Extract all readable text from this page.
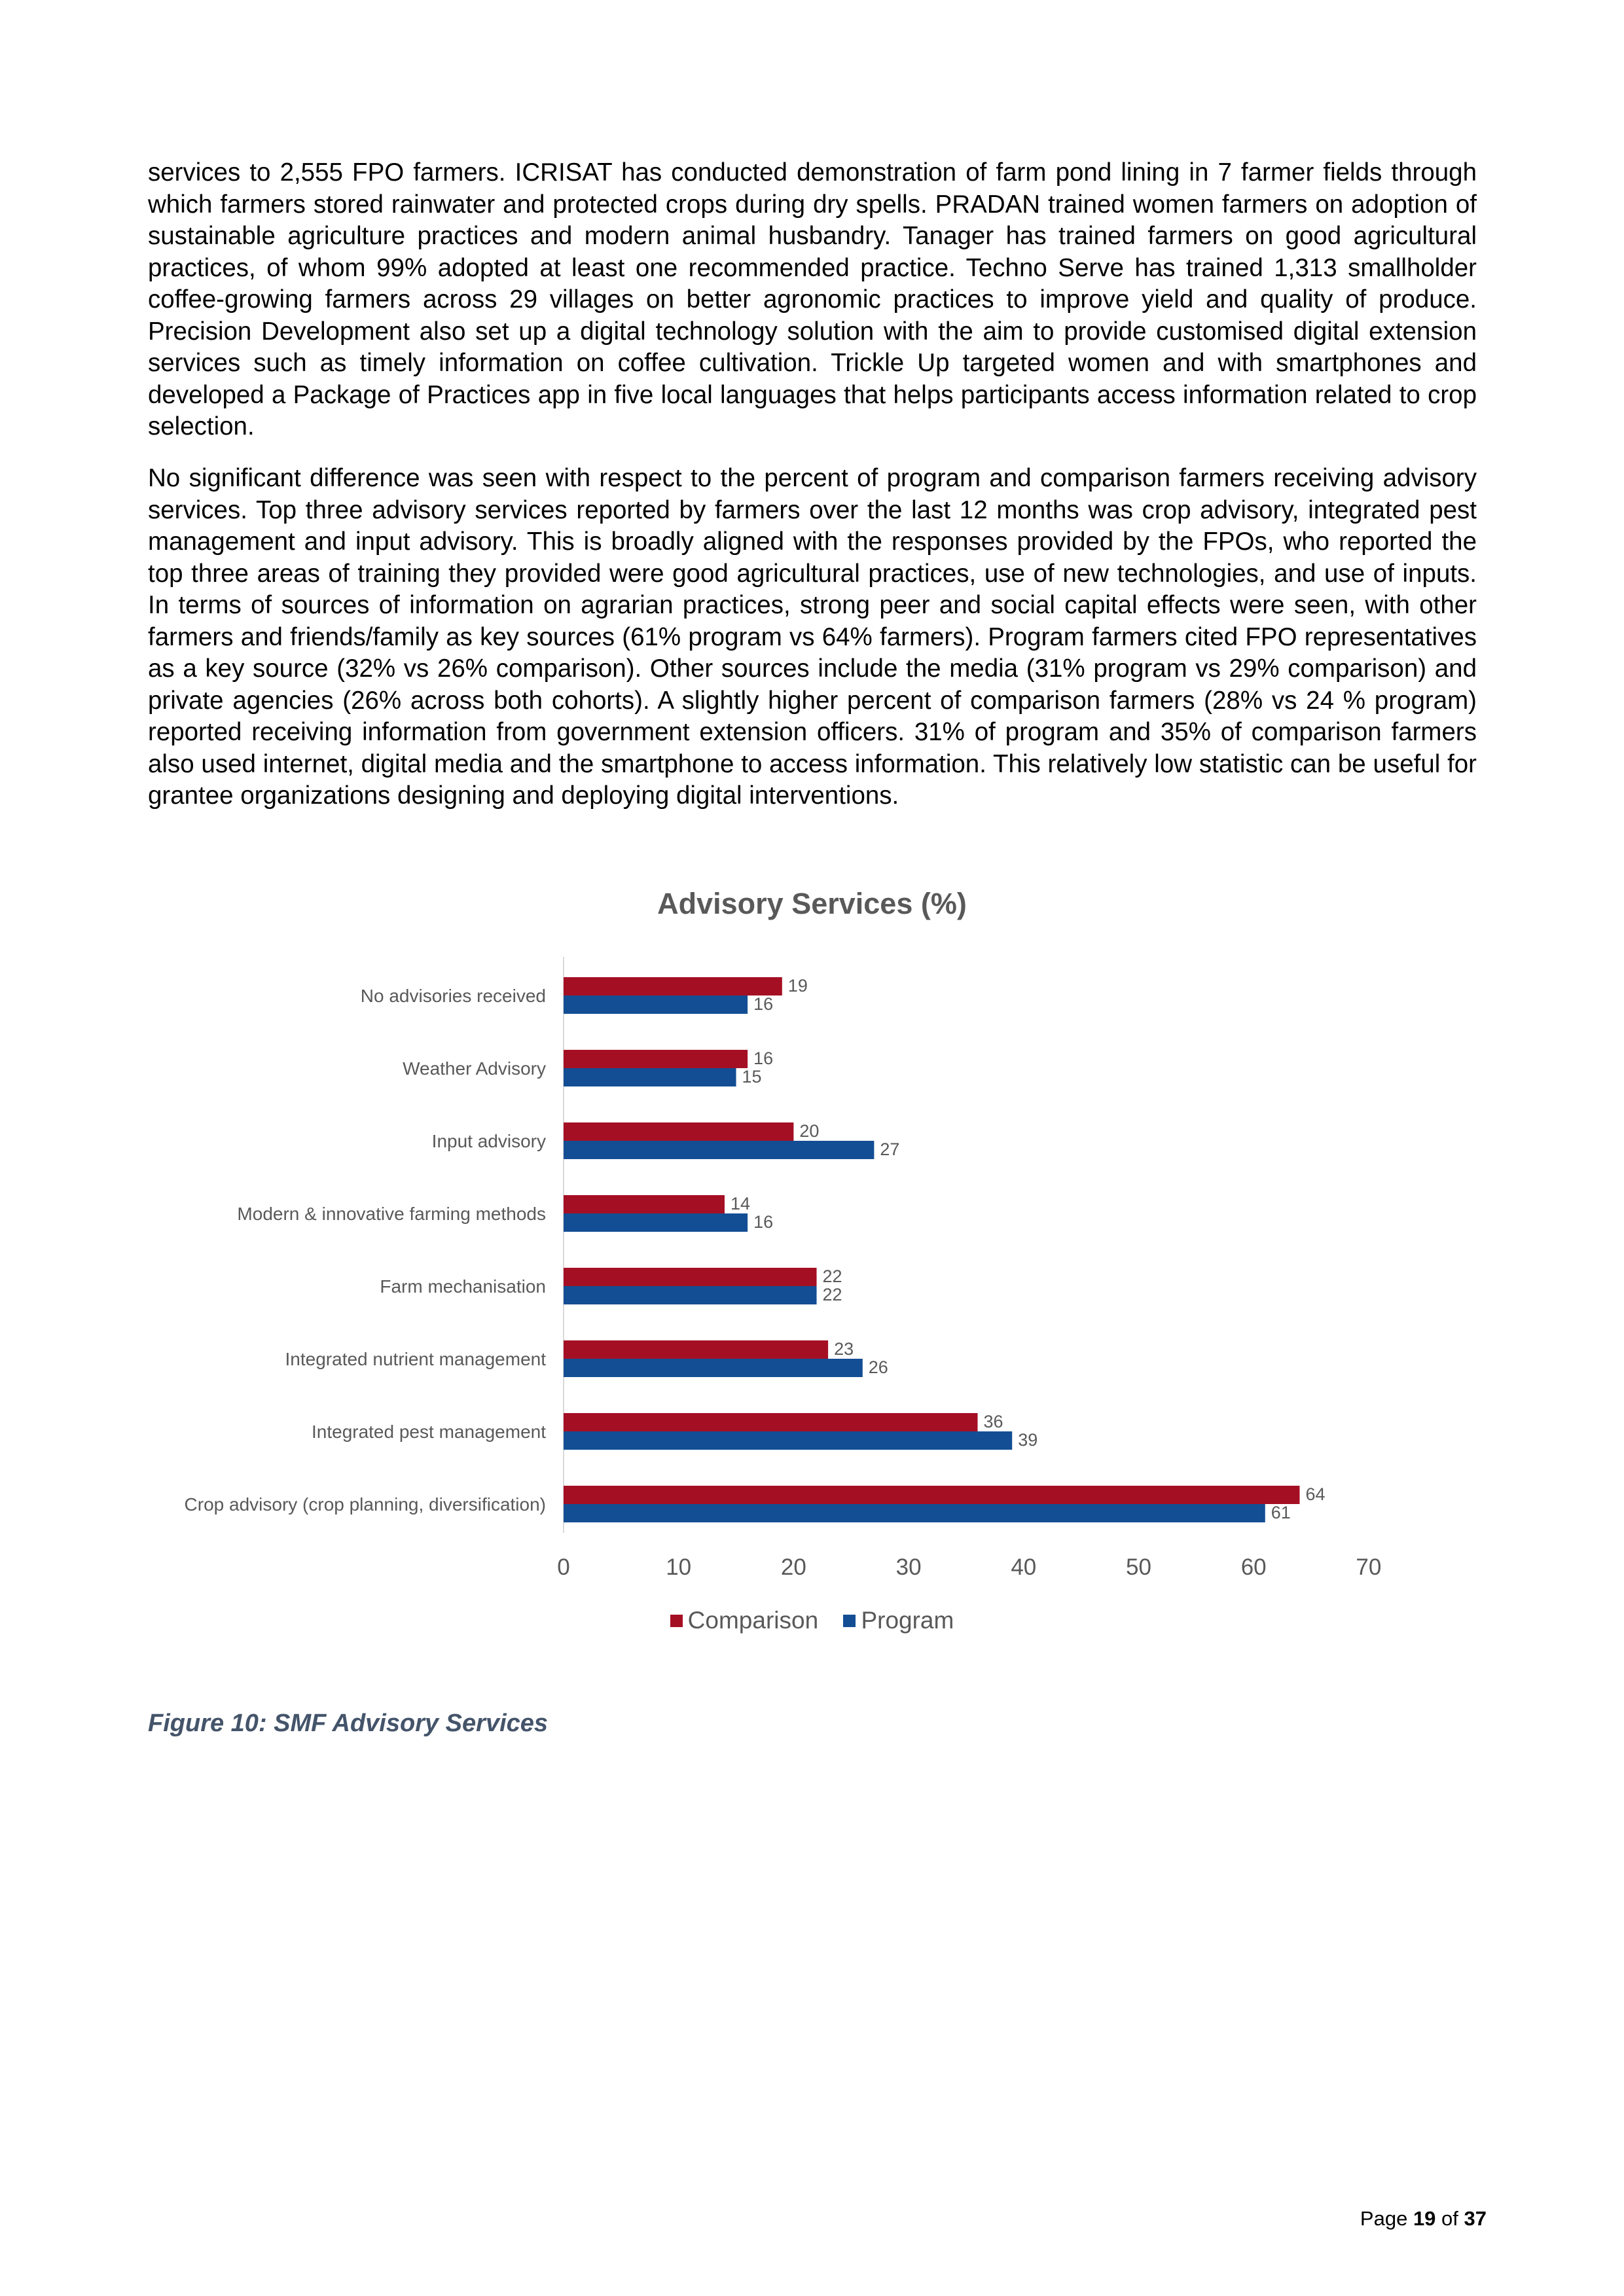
services to 2,555 FPO farmers. ICRISAT has conducted demonstration of farm pond lining in 7 farmer fields through which farmers stored rainwater and protected crops during dry spells. PRADAN trained women farmers on adoption of sustainable agriculture practices and modern animal husbandry. Tanager has trained farmers on good agricultural practices, of whom 99% adopted at least one recommended practice. Techno Serve has trained 1,313 smallholder coffee-growing farmers across 29 villages on better agronomic practices to improve yield and quality of produce. Precision Development also set up a digital technology solution with the aim to provide customised digital extension services such as timely information on coffee cultivation. Trickle Up targeted women and with smartphones and developed a Package of Practices app in five local languages that helps participants access information related to crop selection.

No significant difference was seen with respect to the percent of program and comparison farmers receiving advisory services. Top three advisory services reported by farmers over the last 12 months was crop advisory, integrated pest management and input advisory. This is broadly aligned with the responses provided by the FPOs, who reported the top three areas of training they provided were good agricultural practices, use of new technologies, and use of inputs. In terms of sources of information on agrarian practices, strong peer and social capital effects were seen, with other farmers and friends/family as key sources (61% program vs 64% farmers). Program farmers cited FPO representatives as a key source (32% vs 26% comparison). Other sources include the media (31% program vs 29% comparison) and private agencies (26% across both cohorts). A slightly higher percent of comparison farmers (28% vs 24 % program) reported receiving information from government extension officers. 31% of program and 35% of comparison farmers also used internet, digital media and the smartphone to access information. This relatively low statistic can be useful for grantee organizations designing and deploying digital interventions.

Advisory Services (%)
No advisories received	19
16
Weather Advisory	16
15
Input advisory	20
27
Modern & innovative farming methods	14
16
Farm mechanisation	22
22
Integrated nutrient management	23
26
Integrated pest management	36
39
Crop advisory (crop planning, diversification)	64
61
0	10	20	30	40	50	60	70
Comparison Program
Figure 10: SMF Advisory Services
Page 19 of 37
